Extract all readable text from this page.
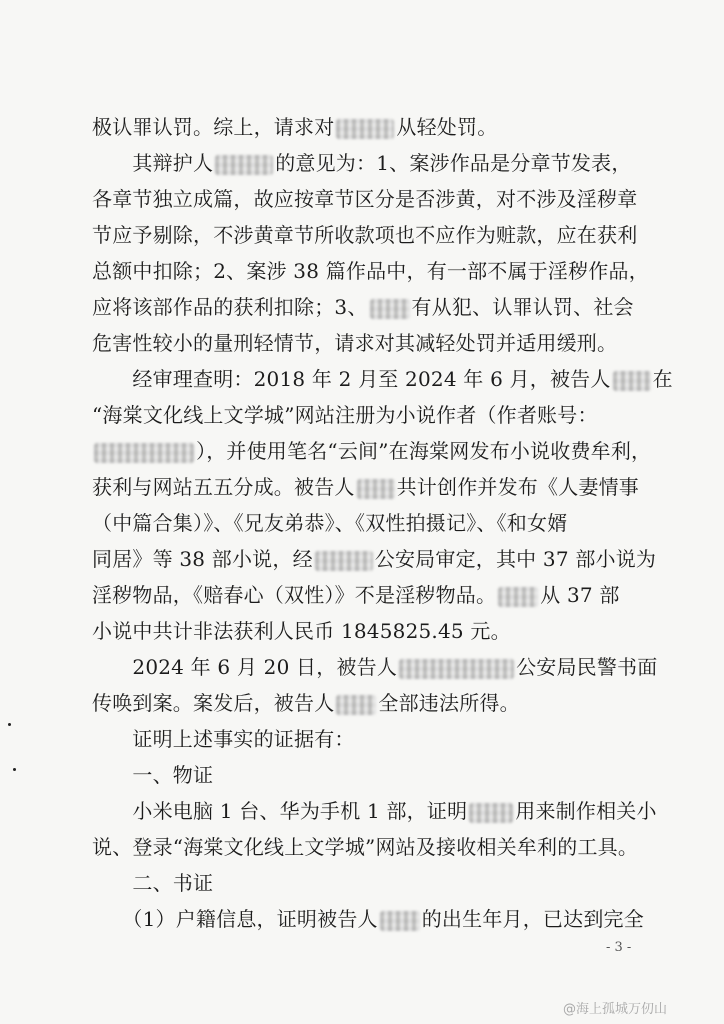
极认罪认罚。综上，请求对	从轻处罚。
　　其辩护人	的意见为：1、案涉作品是分章节发表，
各章节独立成篇，故应按章节区分是否涉黄，对不涉及淫秽章
节应予剔除，不涉黄章节所收款项也不应作为赃款，应在获利
总额中扣除；2、案涉 38 篇作品中，有一部不属于淫秽作品，
应将该部作品的获利扣除；3、 有从犯、认罪认罚、社会
危害性较小的量刑轻情节，请求对其减轻处罚并适用缓刑。
　　经审理查明：2018 年 2 月至 2024 年 6 月，被告人 在
“海棠文化线上文学城”网站注册为小说作者（作者账号：
），并使用笔名“云间”在海棠网发布小说收费牟利，
获利与网站五五分成。被告人 共计创作并发布《人妻情事
（中篇合集）》、《兄友弟恭》、《双性拍摄记》、《和女婿
同居》等 38 部小说，经	公安局审定，其中 37 部小说为
淫秽物品，《赔春心（双性）》不是淫秽物品。 从 37 部
小说中共计非法获利人民币 1845825.45 元。
　　2024 年 6 月 20 日，被告人	公安局民警书面
传唤到案。案发后，被告人 全部违法所得。
　　证明上述事实的证据有：
　　一、物证
　　小米电脑 1 台、华为手机 1 部，证明 用来制作相关小
说、登录“海棠文化线上文学城”网站及接收相关牟利的工具。
　　二、书证
　　（1）户籍信息，证明被告人 的出生年月，已达到完全
- 3 -
@海上孤城万仞山
